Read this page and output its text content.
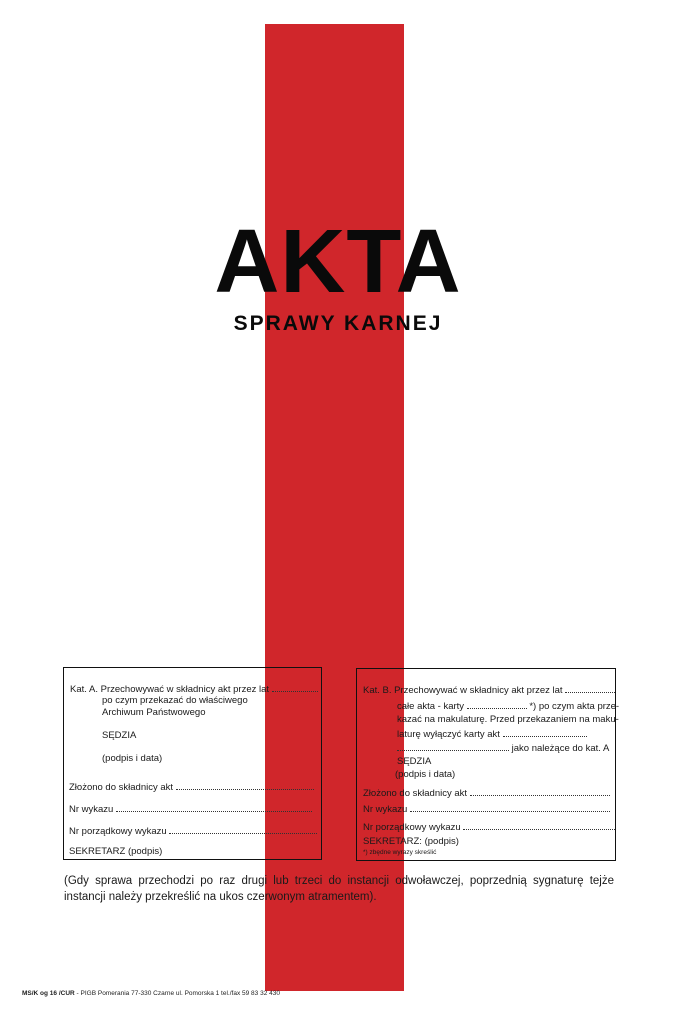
AKTA
SPRAWY KARNEJ
Kat. A. Przechowywać w składnicy akt przez lat
po czym przekazać do właściwego
Archiwum Państwowego
SĘDZIA
(podpis i data)
Złożono do składnicy akt
Nr wykazu
Nr porządkowy wykazu
SEKRETARZ (podpis)
Kat. B. Przechowywać w składnicy akt przez lat
całe akta - karty	*) po czym akta prze-
kazać na makulaturę. Przed przekazaniem na maku-
laturę wyłączyć karty akt
jako należące do kat. A
SĘDZIA
(podpis i data)
Złożono do składnicy akt
Nr wykazu
Nr porządkowy wykazu
SEKRETARZ: (podpis)
*) zbędne wyrazy skreślić

(Gdy sprawa przechodzi po raz drugi lub trzeci do instancji odwoławczej, poprzednią sygnaturę tejże instancji należy przekreślić na ukos czerwonym atramentem).

MS/K og 16 /CUR - PIGB Pomerania 77-330 Czarne ul. Pomorska 1 tel./fax 59 83 32 430
